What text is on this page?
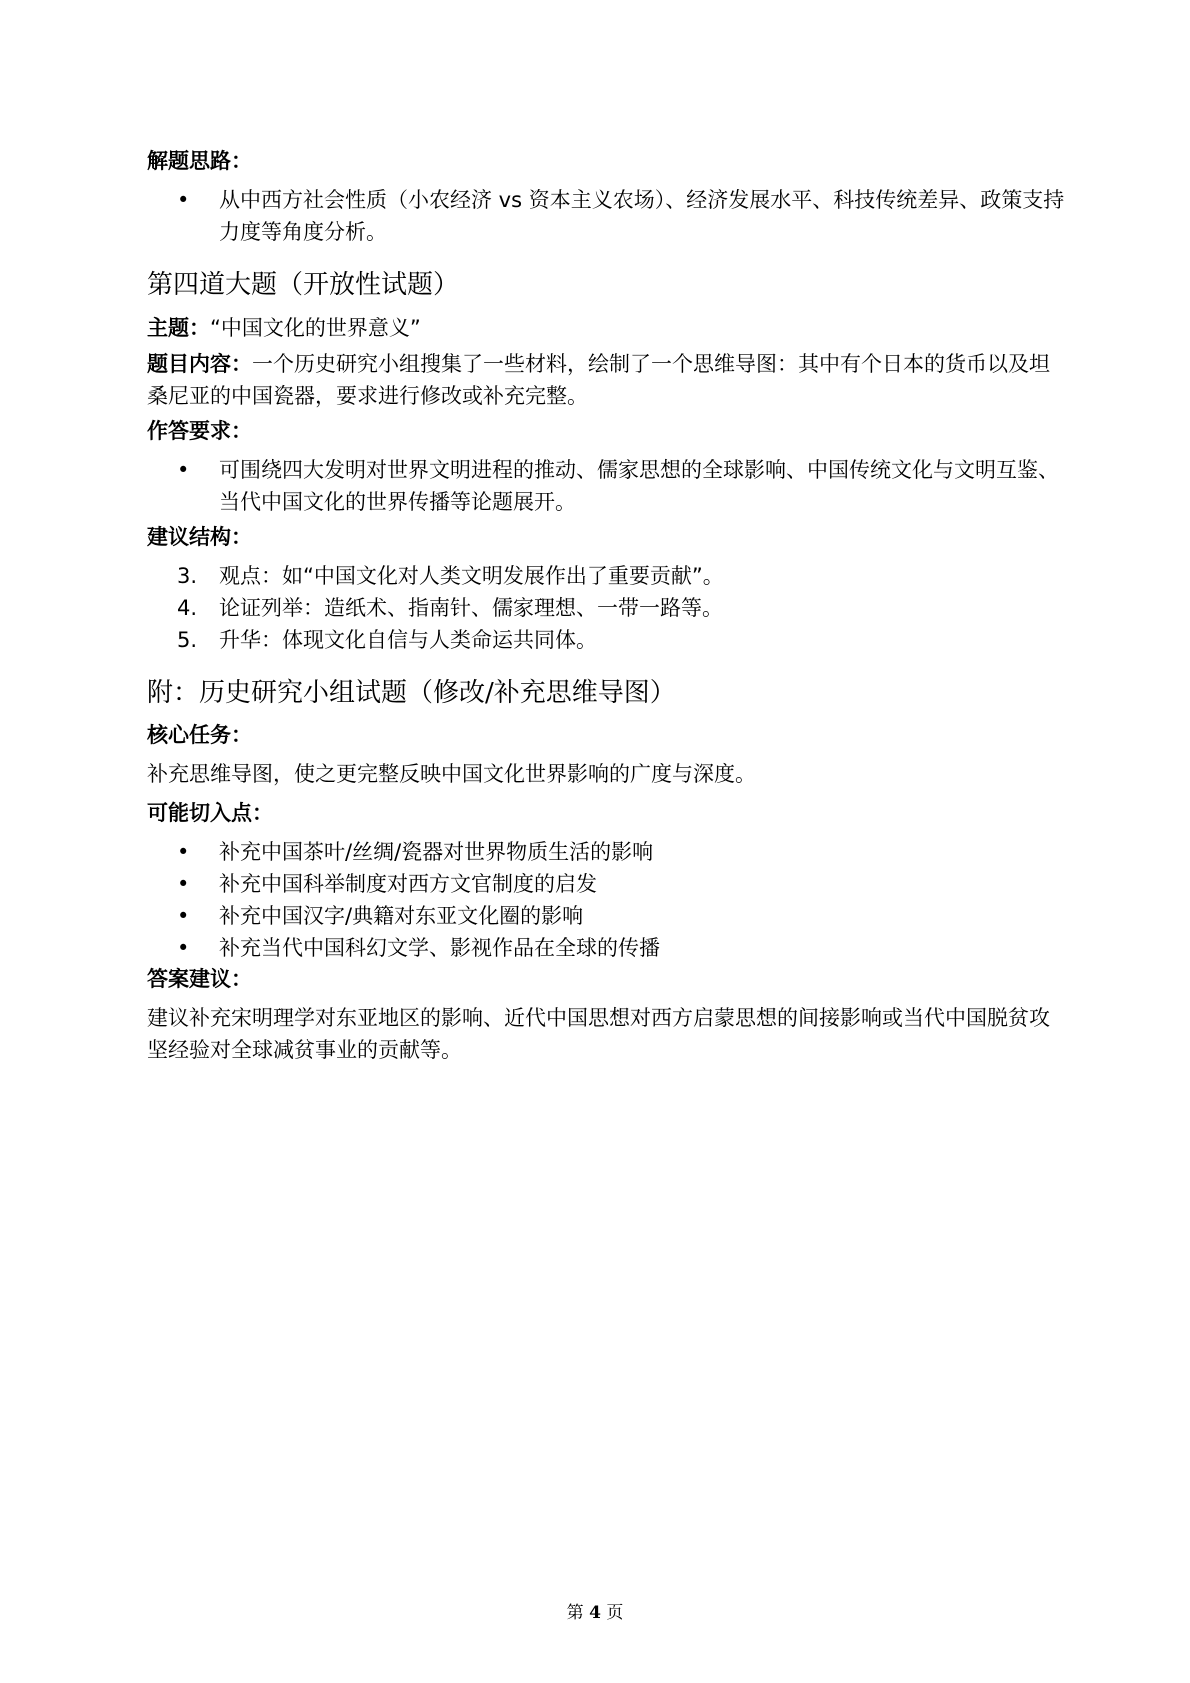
解题思路：

•	从中西方社会性质（小农经济 vs 资本主义农场）、经济发展水平、科技传统差异、政策支持力度等角度分析。
第四道大题（开放性试题）

主题：“中国文化的世界意义”

题目内容：一个历史研究小组搜集了一些材料，绘制了一个思维导图：其中有个日本的货币以及坦桑尼亚的中国瓷器，要求进行修改或补充完整。

作答要求：

•	可围绕四大发明对世界文明进程的推动、儒家思想的全球影响、中国传统文化与文明互鉴、当代中国文化的世界传播等论题展开。

建议结构：

3.	观点：如“中国文化对人类文明发展作出了重要贡献”。
4.	论证列举：造纸术、指南针、儒家理想、一带一路等。
5.	升华：体现文化自信与人类命运共同体。
附：历史研究小组试题（修改/补充思维导图）

核心任务：

补充思维导图，使之更完整反映中国文化世界影响的广度与深度。

可能切入点：

•	补充中国茶叶/丝绸/瓷器对世界物质生活的影响
•	补充中国科举制度对西方文官制度的启发
•	补充中国汉字/典籍对东亚文化圈的影响
•	补充当代中国科幻文学、影视作品在全球的传播

答案建议：

建议补充宋明理学对东亚地区的影响、近代中国思想对西方启蒙思想的间接影响或当代中国脱贫攻坚经验对全球减贫事业的贡献等。

第 4 页
